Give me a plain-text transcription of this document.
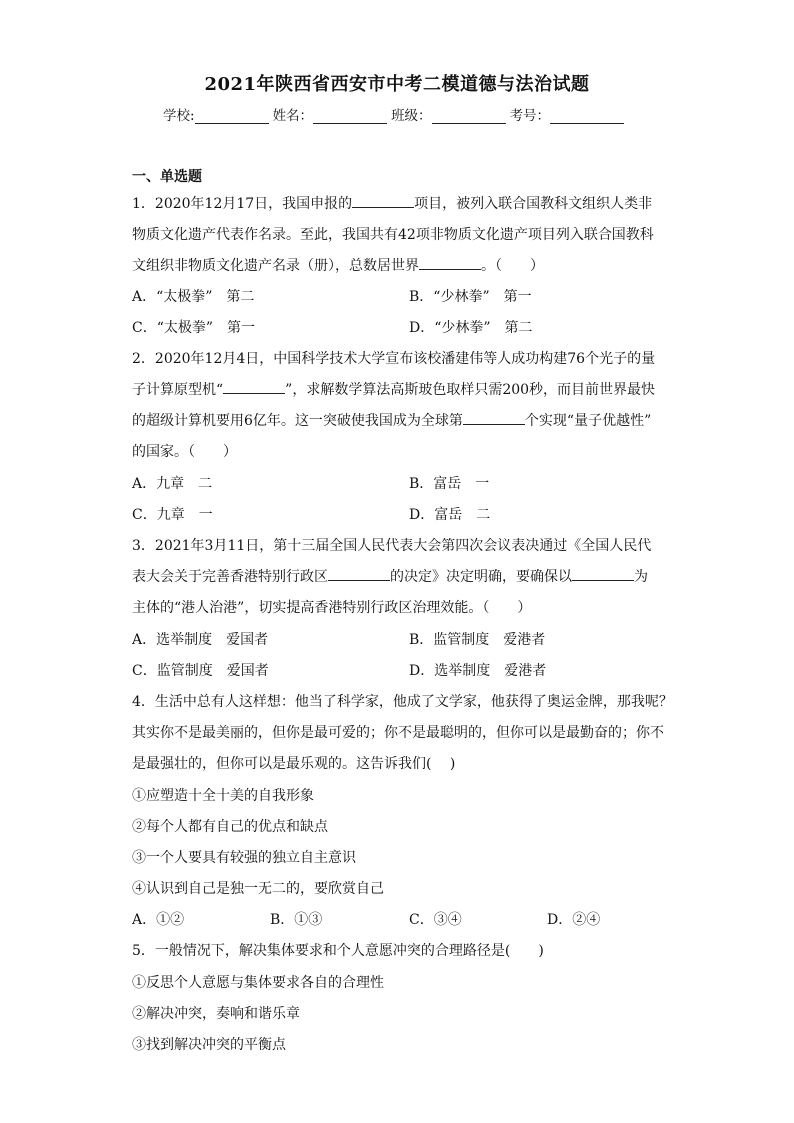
2021年陕西省西安市中考二模道德与法治试题
学校:	姓名：	班级：	考号：
一、单选题
1．2020年12月17日，我国申报的	项目，被列入联合国教科文组织人类非
物质文化遗产代表作名录。至此，我国共有42项非物质文化遗产项目列入联合国教科
文组织非物质文化遗产名录（册），总数居世界	。（　　）
A．“太极拳”　第二	B．“少林拳”　第一
C．“太极拳”　第一	D．“少林拳”　第二
2．2020年12月4日，中国科学技术大学宣布该校潘建伟等人成功构建76个光子的量
子计算原型机“	”，求解数学算法高斯玻色取样只需200秒，而目前世界最快
的超级计算机要用6亿年。这一突破使我国成为全球第	个实现“量子优越性”
的国家。（　　）
A．九章　二	B．富岳　一
C．九章　一	D．富岳　二
3．2021年3月11日，第十三届全国人民代表大会第四次会议表决通过《全国人民代
表大会关于完善香港特别行政区	的决定》决定明确，要确保以	为
主体的“港人治港”，切实提高香港特别行政区治理效能。（　　）
A．选举制度　爱国者	B．监管制度　爱港者
C．监管制度　爱国者	D．选举制度　爱港者
4．生活中总有人这样想：他当了科学家，他成了文学家，他获得了奥运金牌，那我呢？
其实你不是最美丽的，但你是最可爱的；你不是最聪明的，但你可以是最勤奋的；你不
是最强壮的，但你可以是最乐观的。这告诉我们(　 )
①应塑造十全十美的自我形象
②每个人都有自己的优点和缺点
③一个人要具有较强的独立自主意识
④认识到自己是独一无二的，要欣赏自己
A．①②	B．①③	C．③④	D．②④
5．一般情况下，解决集体要求和个人意愿冲突的合理路径是(　　)
①反思个人意愿与集体要求各自的合理性
②解决冲突，奏响和谐乐章
③找到解决冲突的平衡点
